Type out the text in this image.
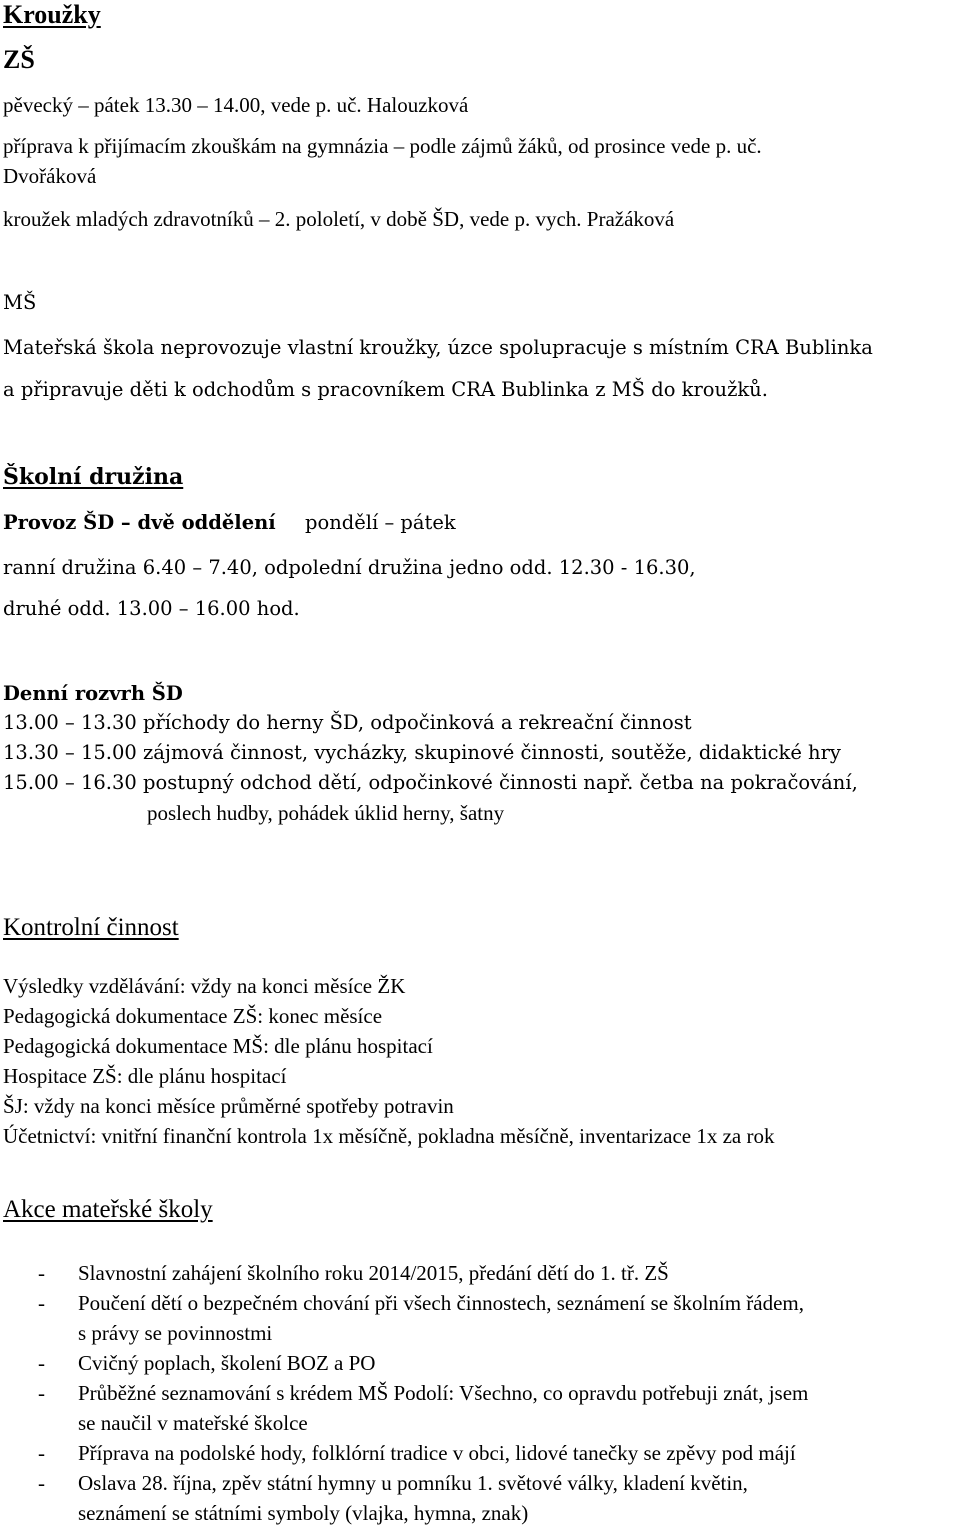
Kroužky
ZŠ
pěvecký – pátek 13.30 – 14.00, vede p. uč. Halouzková
příprava k přijímacím zkouškám na gymnázia – podle zájmů žáků, od prosince vede p. uč.
Dvořáková
kroužek mladých zdravotníků – 2. pololetí, v době ŠD, vede p. vych. Pražáková
MŠ
Mateřská škola neprovozuje vlastní kroužky, úzce spolupracuje s místním CRA Bublinka
a připravuje děti k odchodům s pracovníkem CRA Bublinka z MŠ do kroužků.
Školní družina
Provoz ŠD – dvě oddělení pondělí – pátek
ranní družina 6.40 – 7.40, odpolední družina jedno odd. 12.30 - 16.30,
druhé odd. 13.00 – 16.00 hod.
Denní rozvrh ŠD
13.00 – 13.30 příchody do herny ŠD, odpočinková a rekreační činnost
13.30 – 15.00 zájmová činnost, vycházky, skupinové činnosti, soutěže, didaktické hry
15.00 – 16.30 postupný odchod dětí, odpočinkové činnosti např. četba na pokračování,
poslech hudby, pohádek úklid herny, šatny
Kontrolní činnost
Výsledky vzdělávání: vždy na konci měsíce ŽK
Pedagogická dokumentace ZŠ: konec měsíce
Pedagogická dokumentace MŠ: dle plánu hospitací
Hospitace ZŠ: dle plánu hospitací
ŠJ: vždy na konci měsíce průměrné spotřeby potravin
Účetnictví: vnitřní finanční kontrola 1x měsíčně, pokladna měsíčně, inventarizace 1x za rok
Akce mateřské školy
- Slavnostní zahájení školního roku 2014/2015, předání dětí do 1. tř. ZŠ
- Poučení dětí o bezpečném chování při všech činnostech, seznámení se školním řádem,
s právy se povinnostmi
- Cvičný poplach, školení BOZ a PO
- Průběžné seznamování s krédem MŠ Podolí: Všechno, co opravdu potřebuji znát, jsem
se naučil v mateřské školce
- Příprava na podolské hody, folklórní tradice v obci, lidové tanečky se zpěvy pod májí
- Oslava 28. října, zpěv státní hymny u pomníku 1. světové války, kladení květin,
seznámení se státními symboly (vlajka, hymna, znak)
